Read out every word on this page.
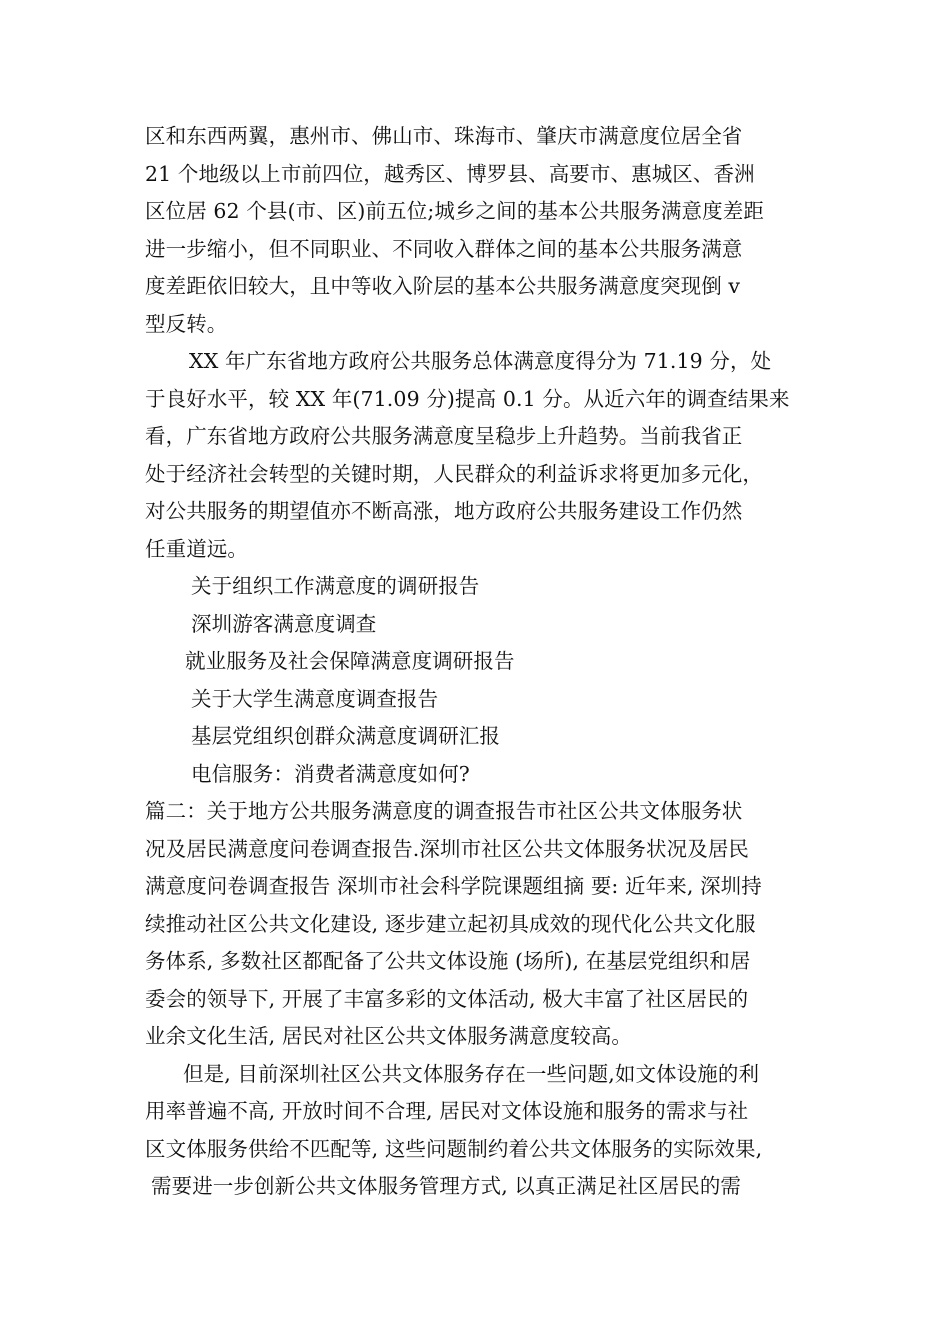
区和东西两翼，惠州市、佛山市、珠海市、肇庆市满意度位居全省
21 个地级以上市前四位，越秀区、博罗县、高要市、惠城区、香洲
区位居 62 个县(市、区)前五位;城乡之间的基本公共服务满意度差距
进一步缩小，但不同职业、不同收入群体之间的基本公共服务满意
度差距依旧较大，且中等收入阶层的基本公共服务满意度突现倒 v
型反转。
XX 年广东省地方政府公共服务总体满意度得分为 71.19 分，处
于良好水平，较 XX 年(71.09 分)提高 0.1 分。从近六年的调查结果来
看，广东省地方政府公共服务满意度呈稳步上升趋势。当前我省正
处于经济社会转型的关键时期，人民群众的利益诉求将更加多元化，
对公共服务的期望值亦不断高涨，地方政府公共服务建设工作仍然
任重道远。
关于组织工作满意度的调研报告
深圳游客满意度调查
就业服务及社会保障满意度调研报告
关于大学生满意度调查报告
基层党组织创群众满意度调研汇报
电信服务：消费者满意度如何?
篇二：关于地方公共服务满意度的调查报告市社区公共文体服务状
况及居民满意度问卷调查报告.深圳市社区公共文体服务状况及居民
满意度问卷调查报告 深圳市社会科学院课题组摘 要: 近年来, 深圳持
续推动社区公共文化建设, 逐步建立起初具成效的现代化公共文化服
务体系, 多数社区都配备了公共文体设施 (场所), 在基层党组织和居
委会的领导下, 开展了丰富多彩的文体活动, 极大丰富了社区居民的
业余文化生活, 居民对社区公共文体服务满意度较高。
但是, 目前深圳社区公共文体服务存在一些问题,如文体设施的利
用率普遍不高, 开放时间不合理, 居民对文体设施和服务的需求与社
区文体服务供给不匹配等, 这些问题制约着公共文体服务的实际效果,
需要进一步创新公共文体服务管理方式, 以真正满足社区居民的需
